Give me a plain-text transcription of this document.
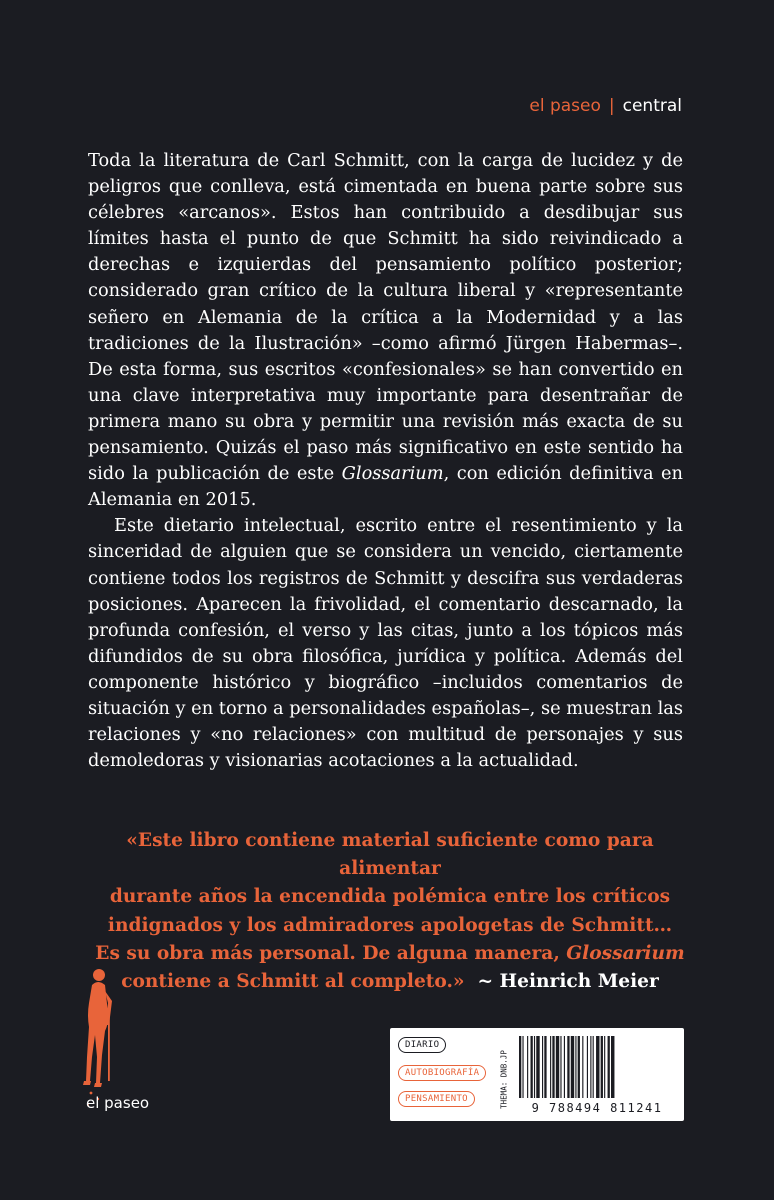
el paseo | central

Toda la literatura de Carl Schmitt, con la carga de lucidez y de peligros que conlleva, está cimentada en buena parte sobre sus célebres «arcanos». Estos han contribuido a desdibujar sus límites hasta el punto de que Schmitt ha sido reivindicado a derechas e izquierdas del pensamiento político posterior; considerado gran crítico de la cultura liberal y «representante señero en Alemania de la crítica a la Modernidad y a las tradiciones de la Ilustración» –como afirmó Jürgen Habermas–. De esta forma, sus escritos «confesionales» se han convertido en una clave interpretativa muy importante para desentrañar de primera mano su obra y permitir una revisión más exacta de su pensamiento. Quizás el paso más significativo en este sentido ha sido la publicación de este Glossarium, con edición definitiva en Alemania en 2015.

Este dietario intelectual, escrito entre el resentimiento y la sinceridad de alguien que se considera un vencido, ciertamente contiene todos los registros de Schmitt y descifra sus verdaderas posiciones. Aparecen la frivolidad, el comentario descarnado, la profunda confesión, el verso y las citas, junto a los tópicos más difundidos de su obra filosófica, jurídica y política. Además del componente histórico y biográfico –incluidos comentarios de situación y en torno a personalidades españolas–, se muestran las relaciones y «no relaciones» con multitud de personajes y sus demoledoras y visionarias acotaciones a la actualidad.

«Este libro contiene material suficiente como para alimentar
durante años la encendida polémica entre los críticos
indignados y los admiradores apologetas de Schmitt…
Es su obra más personal. De alguna manera, Glossarium
contiene a Schmitt al completo.» ~ Heinrich Meier
el paseo
DIARIO
AUTOBIOGRAFÍA
PENSAMIENTO	THEMA: DNB.JP	9 788494 811241
